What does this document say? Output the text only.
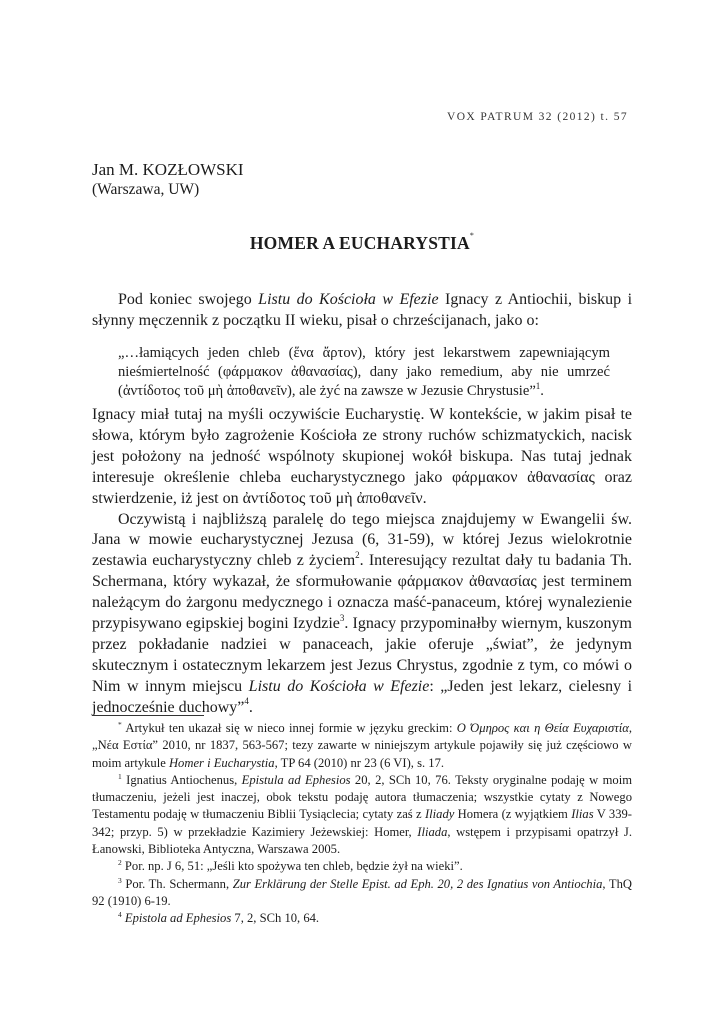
VOX PATRUM 32 (2012) t. 57
Jan M. KOZŁOWSKI
(Warszawa, UW)
HOMER A EUCHARYSTIA*

Pod koniec swojego Listu do Kościoła w Efezie Ignacy z Antiochii, biskup i słynny męczennik z początku II wieku, pisał o chrześcijanach, jako o:

„…łamiących jeden chleb (ἕνα ἄρτον), który jest lekarstwem zapewniającym nieśmiertelność (φάρμακον ἀθανασίας), dany jako remedium, aby nie umrzeć (ἀντίδοτος τοῦ μὴ ἀποθανεῖν), ale żyć na zawsze w Jezusie Chrystusie”$^1$.

Ignacy miał tutaj na myśli oczywiście Eucharystię. W kontekście, w jakim pisał te słowa, którym było zagrożenie Kościoła ze strony ruchów schizmatyckich, nacisk jest położony na jedność wspólnoty skupionej wokół biskupa. Nas tutaj jednak interesuje określenie chleba eucharystycznego jako φάρμακον ἀθανασίας oraz stwierdzenie, iż jest on ἀντίδοτος τοῦ μὴ ἀποθανεῖν.

Oczywistą i najbliższą paralelę do tego miejsca znajdujemy w Ewangelii św. Jana w mowie eucharystycznej Jezusa (6, 31-59), w której Jezus wielokrotnie zestawia eucharystyczny chleb z życiem$^2$. Interesujący rezultat dały tu badania Th. Schermana, który wykazał, że sformułowanie φάρμακον ἀθανασίας jest terminem należącym do żargonu medycznego i oznacza maść-panaceum, której wynalezienie przypisywano egipskiej bogini Izydzie$^3$. Ignacy przypominałby wiernym, kuszonym przez pokładanie nadziei w panaceach, jakie oferuje „świat”, że jedynym skutecznym i ostatecznym lekarzem jest Jezus Chrystus, zgodnie z tym, co mówi o Nim w innym miejscu Listu do Kościoła w Efezie: „Jeden jest lekarz, cielesny i jednocześnie duchowy”$^4$.

* Artykuł ten ukazał się w nieco innej formie w języku greckim: O Όμηρος και η Θεία Ευχαριστία, „Νέα Εστία” 2010, nr 1837, 563-567; tezy zawarte w niniejszym artykule pojawiły się już częściowo w moim artykule Homer i Eucharystia, TP 64 (2010) nr 23 (6 VI), s. 17.

$^1$ Ignatius Antiochenus, Epistula ad Ephesios 20, 2, SCh 10, 76. Teksty oryginalne podaję w moim tłumaczeniu, jeżeli jest inaczej, obok tekstu podaję autora tłumaczenia; wszystkie cytaty z Nowego Testamentu podaję w tłumaczeniu Biblii Tysiąclecia; cytaty zaś z Iliady Homera (z wyjątkiem Ilias V 339-342; przyp. 5) w przekładzie Kazimiery Jeżewskiej: Homer, Iliada, wstępem i przypisami opatrzył J. Łanowski, Biblioteka Antyczna, Warszawa 2005.

$^2$ Por. np. J 6, 51: „Jeśli kto spożywa ten chleb, będzie żył na wieki”.

$^3$ Por. Th. Schermann, Zur Erklärung der Stelle Epist. ad Eph. 20, 2 des Ignatius von Antiochia, ThQ 92 (1910) 6-19.

$^4$ Epistola ad Ephesios 7, 2, SCh 10, 64.
